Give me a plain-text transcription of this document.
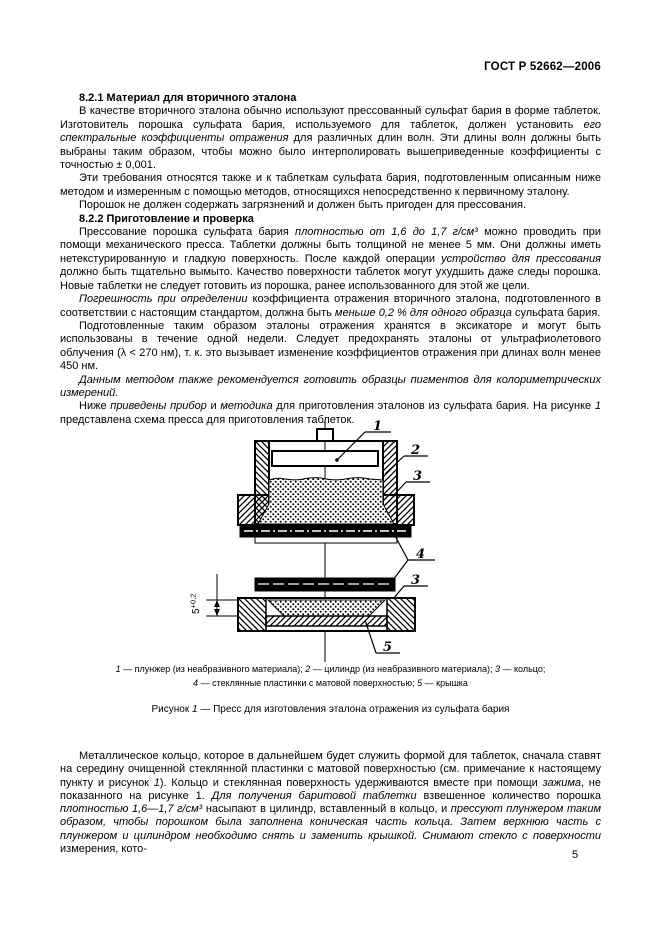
ГОСТ Р 52662—2006

8.2.1 Материал для вторичного эталона

В качестве вторичного эталона обычно используют прессованный сульфат бария в форме таблеток. Изготовитель порошка сульфата бария, используемого для таблеток, должен установить его спектральные коэффициенты отражения для различных длин волн. Эти длины волн должны быть выбраны таким образом, чтобы можно было интерполировать вышеприведенные коэффициенты с точностью ± 0,001.

Эти требования относятся также и к таблеткам сульфата бария, подготовленным описанным ниже методом и измеренным с помощью методов, относящихся непосредственно к первичному эталону.

Порошок не должен содержать загрязнений и должен быть пригоден для прессования.

8.2.2 Приготовление и проверка

Прессование порошка сульфата бария плотностью от 1,6 до 1,7 г/см³ можно проводить при помощи механического пресса. Таблетки должны быть толщиной не менее 5 мм. Они должны иметь нетекстурированную и гладкую поверхность. После каждой операции устройство для прессования должно быть тщательно вымыто. Качество поверхности таблеток могут ухудшить даже следы порошка. Новые таблетки не следует готовить из порошка, ранее использованного для этой же цели.

Погрешность при определении коэффициента отражения вторичного эталона, подготовленного в соответствии с настоящим стандартом, должна быть меньше 0,2 % для одного образца сульфата бария.

Подготовленные таким образом эталоны отражения хранятся в эксикаторе и могут быть использованы в течение одной недели. Следует предохранять эталоны от ультрафиолетового облучения (λ < 270 нм), т. к. это вызывает изменение коэффициентов отражения при длинах волн менее 450 нм.

Данным методом также рекомендуется готовить образцы пигментов для колориметрических измерений.

Ниже приведены прибор и методика для приготовления эталонов из сульфата бария. На рисунке 1 представлена схема пресса для приготовления таблеток.

$5^{+0,2}$
1
2
3
4
3
5
1 — плунжер (из неабразивного материала); 2 — цилиндр (из неабразивного материала); 3 — кольцо;
4 — стеклянные пластинки с матовой поверхностью; 5 — крышка
Рисунок 1 — Пресс для изготовления эталона отражения из сульфата бария

Металлическое кольцо, которое в дальнейшем будет служить формой для таблеток, сначала ставят на середину очищенной стеклянной пластинки с матовой поверхностью (см. примечание к настоящему пункту и рисунок 1). Кольцо и стеклянная поверхность удерживаются вместе при помощи зажима, не показанного на рисунке 1. Для получения баритовой таблетки взвешенное количество порошка плотностью 1,6—1,7 г/см³ насыпают в цилиндр, вставленный в кольцо, и прессуют плунжером таким образом, чтобы порошком была заполнена коническая часть кольца. Затем верхнюю часть с плунжером и цилиндром необходимо снять и заменить крышкой. Снимают стекло с поверхности измерения, кото-	5
